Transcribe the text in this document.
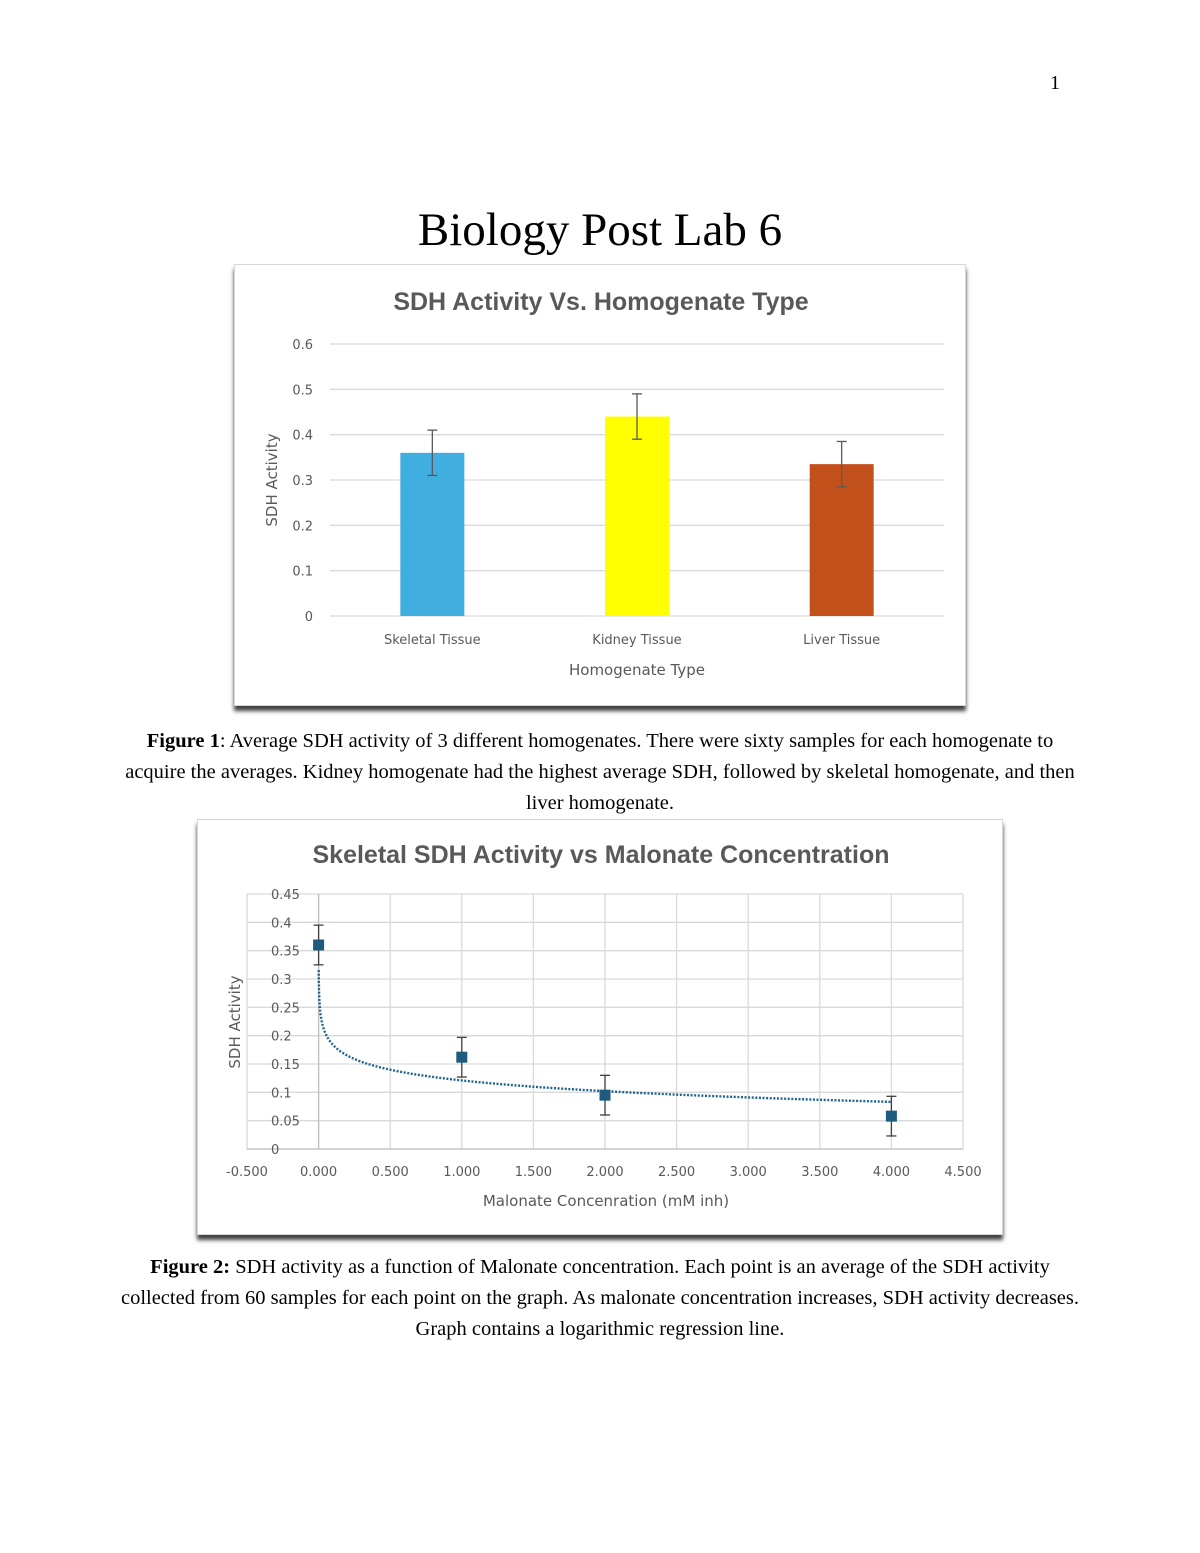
1
Biology Post Lab 6
SDH Activity Vs. Homogenate Type
0
0.1
0.2
0.3
0.4
0.5
0.6
Skeletal Tissue	Kidney Tissue	Liver Tissue
Homogenate Type
SDH Activity
Figure 1: Average SDH activity of 3 different homogenates. There were sixty samples for each homogenate to acquire the averages. Kidney homogenate had the highest average SDH, followed by skeletal homogenate, and then liver homogenate.
Skeletal SDH Activity vs Malonate Concentration
0
0.05
0.1
0.15
0.2
0.25
0.3
0.35
0.4
0.45
-0.500 0.000	0.500	1.000	1.500	2.000	2.500	3.000	3.500	4.000	4.500
Malonate Concenration (mM inh)
SDH Activity
Figure 2: SDH activity as a function of Malonate concentration. Each point is an average of the SDH activity collected from 60 samples for each point on the graph. As malonate concentration increases, SDH activity decreases. Graph contains a logarithmic regression line.
